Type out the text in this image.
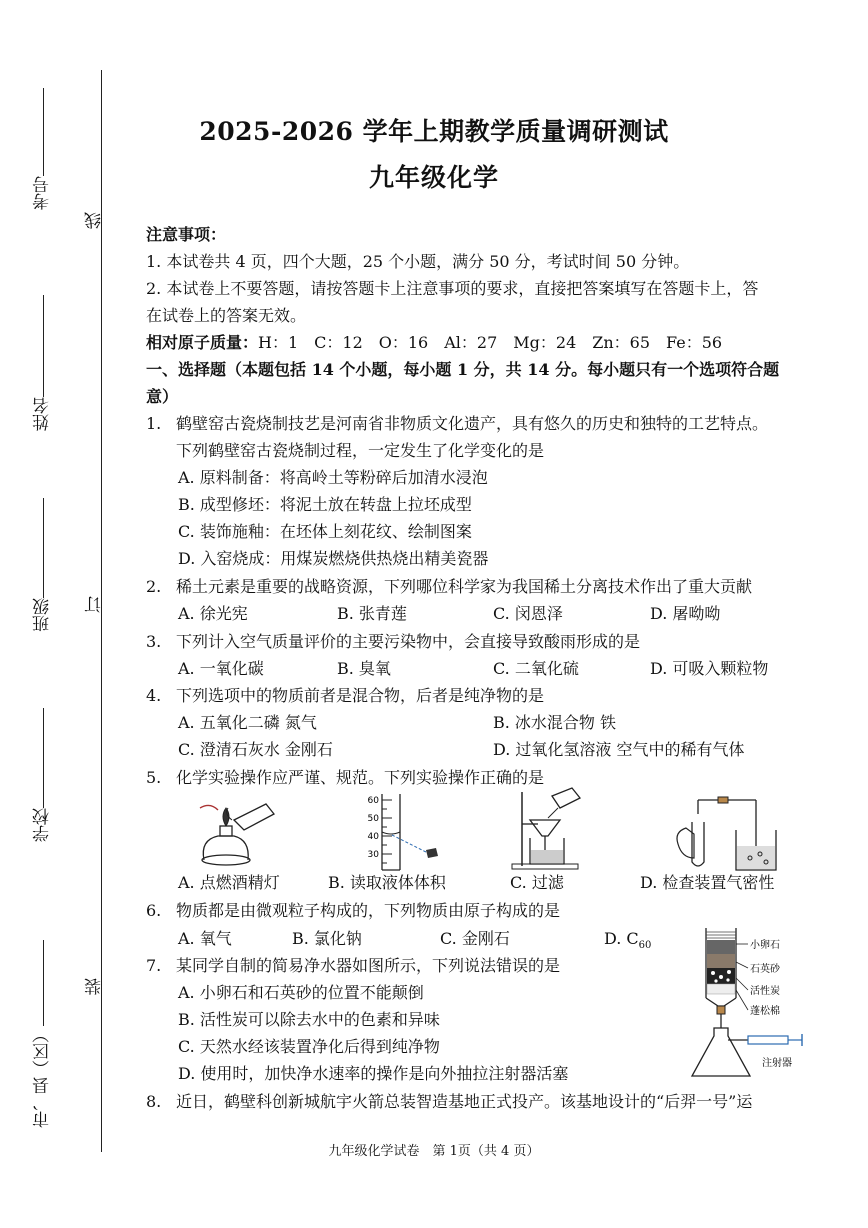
考号
姓名
班级
学校
市、县（区）
线
订
装
2025-2026 学年上期教学质量调研测试
九年级化学
注意事项：
1. 本试卷共 4 页，四个大题，25 个小题，满分 50 分，考试时间 50 分钟。
2. 本试卷上不要答题，请按答题卡上注意事项的要求，直接把答案填写在答题卡上，答
在试卷上的答案无效。
相对原子质量：H：1　C：12　O：16　Al：27　Mg：24　Zn：65　Fe：56
一、选择题（本题包括 14 个小题，每小题 1 分，共 14 分。每小题只有一个选项符合题
意）
1. 鹤壁窑古瓷烧制技艺是河南省非物质文化遗产，具有悠久的历史和独特的工艺特点。
下列鹤壁窑古瓷烧制过程，一定发生了化学变化的是
A. 原料制备：将高岭土等粉碎后加清水浸泡
B. 成型修坯：将泥土放在转盘上拉坯成型
C. 装饰施釉：在坯体上刻花纹、绘制图案
D. 入窑烧成：用煤炭燃烧供热烧出精美瓷器
2. 稀土元素是重要的战略资源，下列哪位科学家为我国稀土分离技术作出了重大贡献
A. 徐光宪	B. 张青莲	C. 闵恩泽	D. 屠呦呦
3. 下列计入空气质量评价的主要污染物中，会直接导致酸雨形成的是
A. 一氧化碳	B. 臭氧	C. 二氧化硫	D. 可吸入颗粒物
4. 下列选项中的物质前者是混合物，后者是纯净物的是
A. 五氧化二磷 氮气	B. 冰水混合物 铁
C. 澄清石灰水 金刚石	D. 过氧化氢溶液 空气中的稀有气体
5. 化学实验操作应严谨、规范。下列实验操作正确的是
60
50
40
30
A. 点燃酒精灯	B. 读取液体体积	C. 过滤	D. 检查装置气密性
6. 物质都是由微观粒子构成的，下列物质由原子构成的是
A. 氧气	B. 氯化钠	C. 金刚石	D. $C_{60}$
7. 某同学自制的简易净水器如图所示，下列说法错误的是
A. 小卵石和石英砂的位置不能颠倒
B. 活性炭可以除去水中的色素和异味
C. 天然水经该装置净化后得到纯净物
D. 使用时，加快净水速率的操作是向外抽拉注射器活塞
小卵石
石英砂
活性炭
蓬松棉
注射器
8. 近日，鹤壁科创新城航宇火箭总装智造基地正式投产。该基地设计的“后羿一号”运
九年级化学试卷　第 1页（共 4 页）
